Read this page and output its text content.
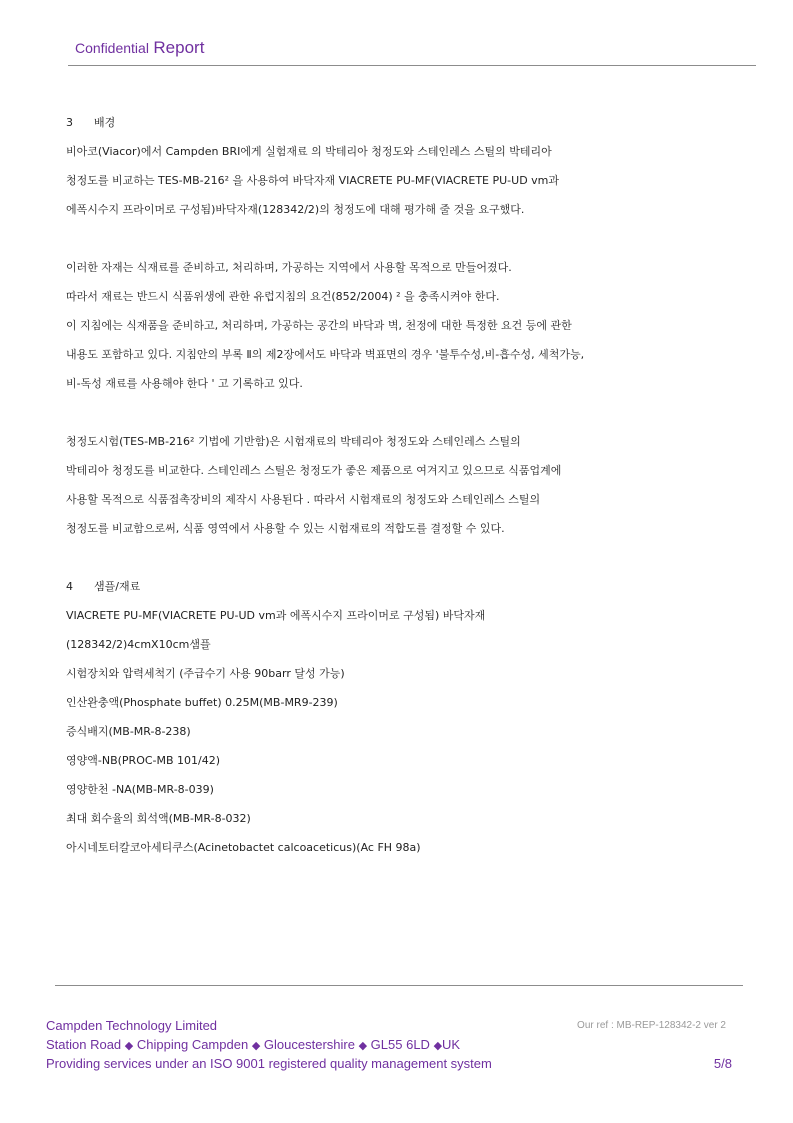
Confidential Report
3 배경
비아코(Viacor)에서 Campden BRI에게 실험재료 의 박테리아 청정도와 스테인레스 스틸의 박테리아
청정도를 비교하는 TES-MB-216² 을 사용하여 바닥자재 VIACRETE PU-MF(VIACRETE PU-UD vm과
에폭시수지 프라이머로 구성됨)바닥자재(128342/2)의 청정도에 대해 평가해 줄 것을 요구했다.
이러한 자재는 식재료를 준비하고, 처리하며, 가공하는 지역에서 사용할 목적으로 만들어졌다.
따라서 재료는 반드시 식품위생에 관한 유럽지침의 요건(852/2004) ² 을 충족시켜야 한다.
이 지침에는 식재품을 준비하고, 처리하며, 가공하는 공간의 바닥과 벽, 천정에 대한 특정한 요건 등에 관한
내용도 포함하고 있다. 지침안의 부록 Ⅱ의 제2장에서도 바닥과 벽표면의 경우 '불투수성,비-흡수성, 세척가능,
비-독성 재료를 사용해야 한다 ' 고 기록하고 있다.
청정도시험(TES-MB-216² 기법에 기반함)은 시험재료의 박테리아 청정도와 스테인레스 스틸의
박테리아 청정도를 비교한다. 스테인레스 스틸은 청정도가 좋은 제품으로 여겨지고 있으므로 식품업계에
사용할 목적으로 식품접촉장비의 제작시 사용된다 . 따라서 시험재료의 청정도와 스테인레스 스틸의
청정도를 비교함으로써, 식품 영역에서 사용할 수 있는 시험재료의 적합도를 결정할 수 있다.
4 샘플/재료
VIACRETE PU-MF(VIACRETE PU-UD vm과 에폭시수지 프라이머로 구성됨) 바닥자재
(128342/2)4cmX10cm샘플
시험장치와 압력세척기 (주급수기 사용 90barr 달성 가능)
인산완충액(Phosphate buffet) 0.25M(MB-MR9-239)
증식배지(MB-MR-8-238)
영양액-NB(PROC-MB 101/42)
영양한천 -NA(MB-MR-8-039)
최대 회수율의 희석액(MB-MR-8-032)
아시네토터칼코아세티쿠스(Acinetobactet calcoaceticus)(Ac FH 98a)
Campden Technology Limited	Our ref : MB-REP-128342-2 ver 2
Station Road ◆ Chipping Campden ◆ Gloucestershire ◆ GL55 6LD ◆UK
Providing services under an ISO 9001 registered quality management system	5/8
